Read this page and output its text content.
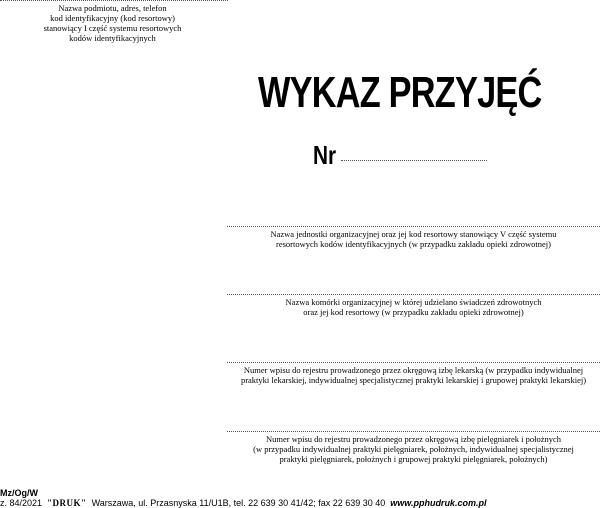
Nazwa podmiotu, adres, telefon
kod identyfikacyjny (kod resortowy)
stanowiący I część systemu resortowych
kodów identyfikacyjnych
WYKAZ PRZYJĘĆ
Nr
Nazwa jednostki organizacyjnej oraz jej kod resortowy stanowiący V część systemu
resortowych kodów identyfikacyjnych (w przypadku zakładu opieki zdrowotnej)
Nazwa komórki organizacyjnej w której udzielano świadczeń zdrowotnych
oraz jej kod resortowy (w przypadku zakładu opieki zdrowotnej)
Numer wpisu do rejestru prowadzonego przez okręgową izbę lekarską (w przypadku indywidualnej
praktyki lekarskiej, indywidualnej specjalistycznej praktyki lekarskiej i grupowej praktyki lekarskiej)
Numer wpisu do rejestru prowadzonego przez okręgową izbę pielęgniarek i położnych
(w przypadku indywidualnej praktyki pielęgniarek, położnych, indywidualnej specjalistycznej
praktyki pielęgniarek, położnych i grupowej praktyki pielęgniarek, położnych)
Mz/Og/W
z. 84/2021 "DRUK" Warszawa, ul. Przasnyska 11/U1B, tel. 22 639 30 41/42; fax 22 639 30 40 www.pphudruk.com.pl
